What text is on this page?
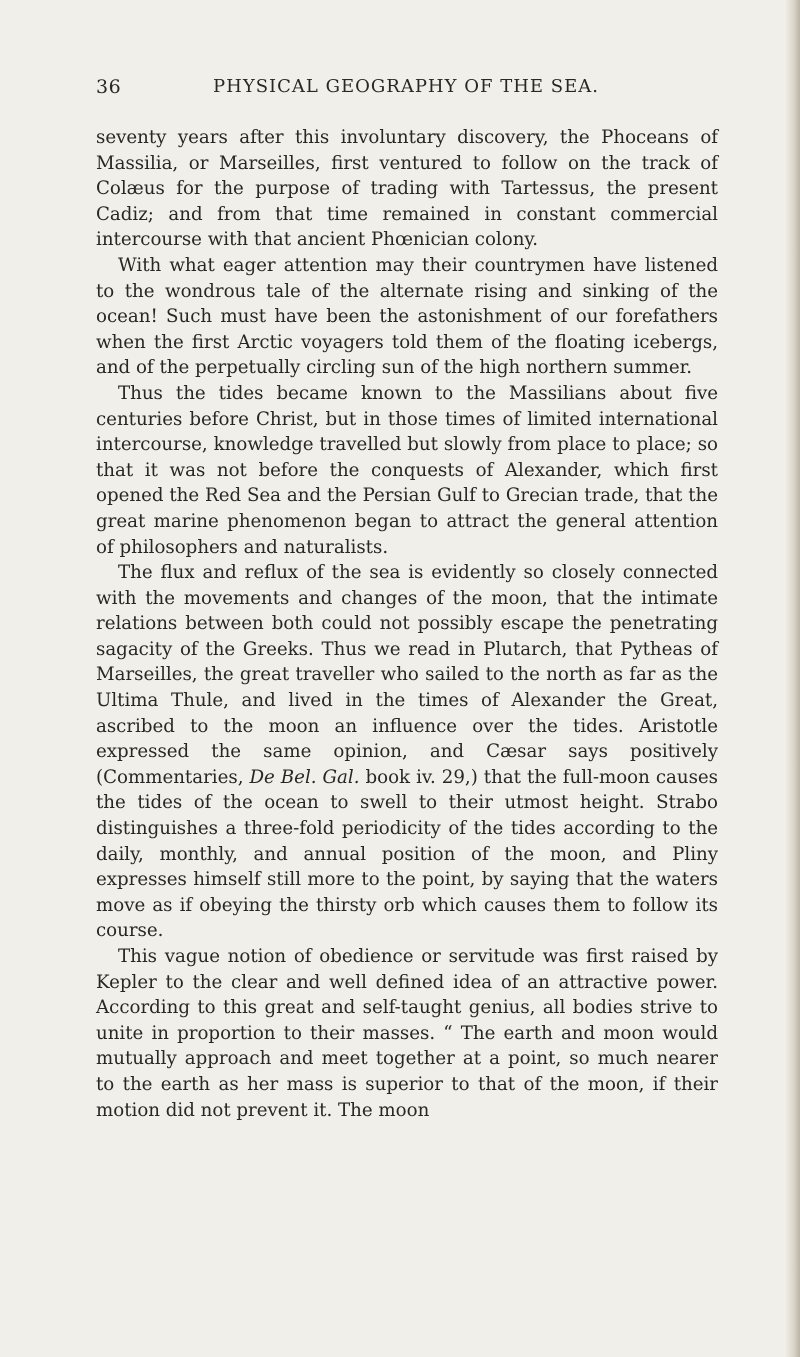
36	PHYSICAL GEOGRAPHY OF THE SEA.

seventy years after this involuntary discovery, the Phoceans of Massilia, or Marseilles, first ventured to follow on the track of Colæus for the purpose of trading with Tartessus, the present Cadiz; and from that time remained in constant commercial intercourse with that ancient Phœnician colony.

With what eager attention may their countrymen have listened to the wondrous tale of the alternate rising and sinking of the ocean! Such must have been the astonishment of our forefathers when the first Arctic voyagers told them of the floating icebergs, and of the perpetually circling sun of the high northern summer.

Thus the tides became known to the Massilians about five centuries before Christ, but in those times of limited international intercourse, knowledge travelled but slowly from place to place; so that it was not before the conquests of Alexander, which first opened the Red Sea and the Persian Gulf to Grecian trade, that the great marine phenomenon began to attract the general attention of philosophers and naturalists.

The flux and reflux of the sea is evidently so closely connected with the movements and changes of the moon, that the intimate relations between both could not possibly escape the penetrating sagacity of the Greeks. Thus we read in Plutarch, that Pytheas of Marseilles, the great traveller who sailed to the north as far as the Ultima Thule, and lived in the times of Alexander the Great, ascribed to the moon an influence over the tides. Aristotle expressed the same opinion, and Cæsar says positively (Commentaries, De Bel. Gal. book iv. 29,) that the full-moon causes the tides of the ocean to swell to their utmost height. Strabo distinguishes a three-fold periodicity of the tides according to the daily, monthly, and annual position of the moon, and Pliny expresses himself still more to the point, by saying that the waters move as if obeying the thirsty orb which causes them to follow its course.

This vague notion of obedience or servitude was first raised by Kepler to the clear and well defined idea of an attractive power. According to this great and self-taught genius, all bodies strive to unite in proportion to their masses. “ The earth and moon would mutually approach and meet together at a point, so much nearer to the earth as her mass is superior to that of the moon, if their motion did not prevent it. The moon
